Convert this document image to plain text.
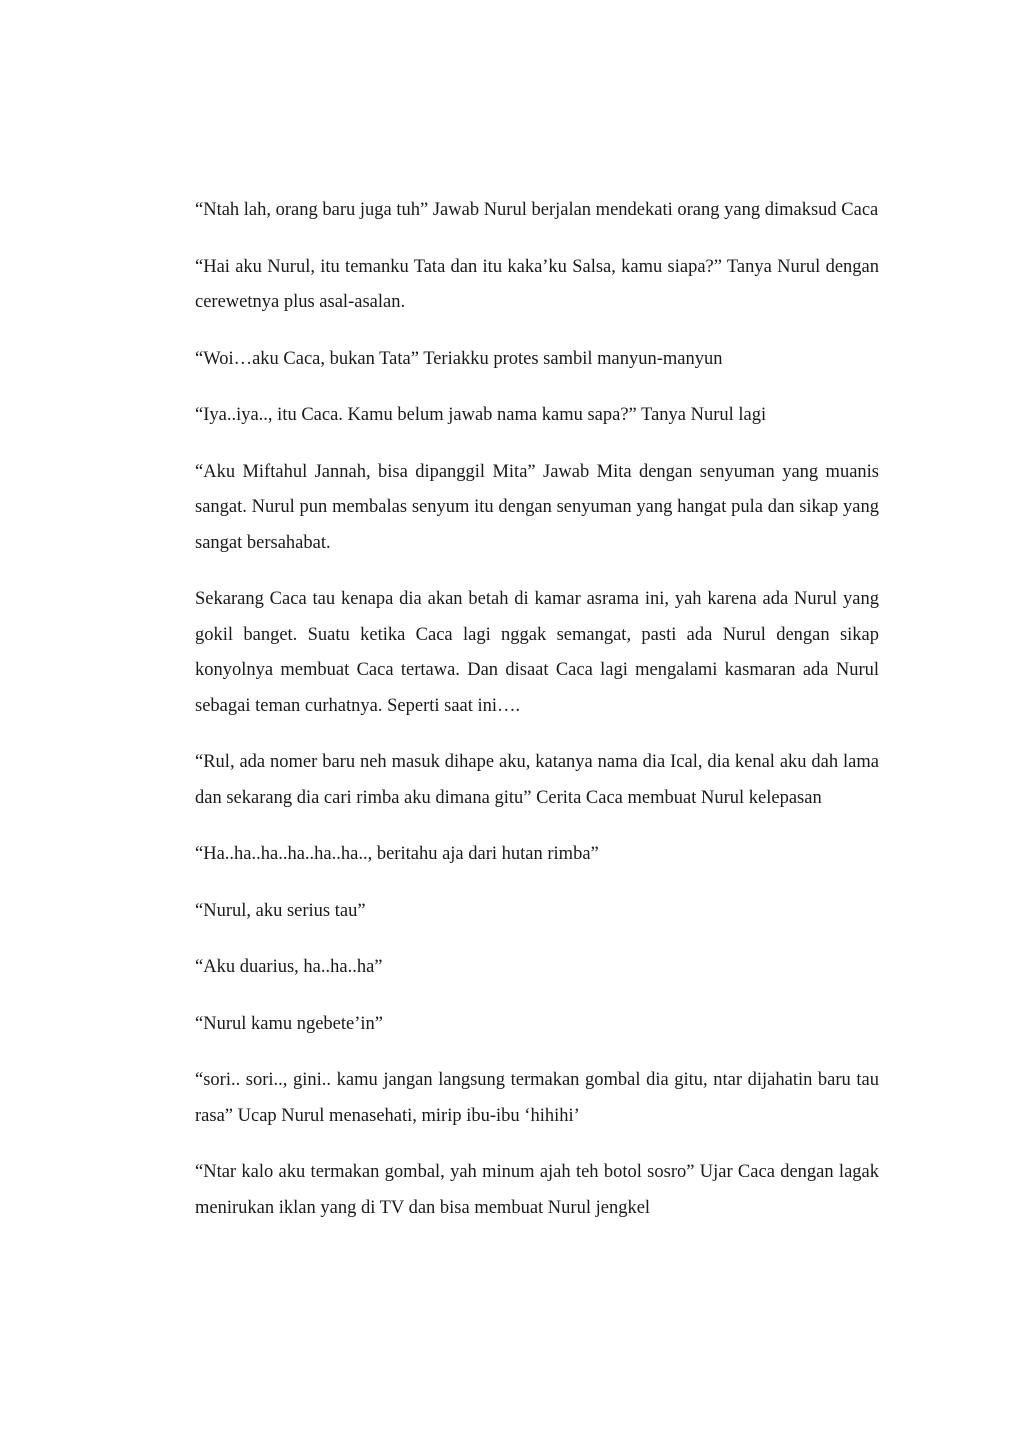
“Ntah lah, orang baru juga tuh” Jawab Nurul berjalan mendekati orang yang dimaksud Caca

“Hai aku Nurul, itu temanku Tata dan itu kaka’ku Salsa, kamu siapa?” Tanya Nurul dengan cerewetnya plus asal-asalan.

“Woi…aku Caca, bukan Tata” Teriakku protes sambil manyun-manyun

“Iya..iya.., itu Caca. Kamu belum jawab nama kamu sapa?” Tanya Nurul lagi

“Aku Miftahul Jannah, bisa dipanggil Mita” Jawab Mita dengan senyuman yang muanis sangat. Nurul pun membalas senyum itu dengan senyuman yang hangat pula dan sikap yang sangat bersahabat.

Sekarang Caca tau kenapa dia akan betah di kamar asrama ini, yah karena ada Nurul yang gokil banget. Suatu ketika Caca lagi nggak semangat, pasti ada Nurul dengan sikap konyolnya membuat Caca tertawa. Dan disaat Caca lagi mengalami kasmaran ada Nurul sebagai teman curhatnya. Seperti saat ini….

“Rul, ada nomer baru neh masuk dihape aku, katanya nama dia Ical, dia kenal aku dah lama dan sekarang dia cari rimba aku dimana gitu” Cerita Caca membuat Nurul kelepasan

“Ha..ha..ha..ha..ha..ha.., beritahu aja dari hutan rimba”

“Nurul, aku serius tau”

“Aku duarius, ha..ha..ha”

“Nurul kamu ngebete’in”

“sori.. sori.., gini.. kamu jangan langsung termakan gombal dia gitu, ntar dijahatin baru tau rasa” Ucap Nurul menasehati, mirip ibu-ibu ‘hihihi’

“Ntar kalo aku termakan gombal, yah minum ajah teh botol sosro” Ujar Caca dengan lagak menirukan iklan yang di TV dan bisa membuat Nurul jengkel
